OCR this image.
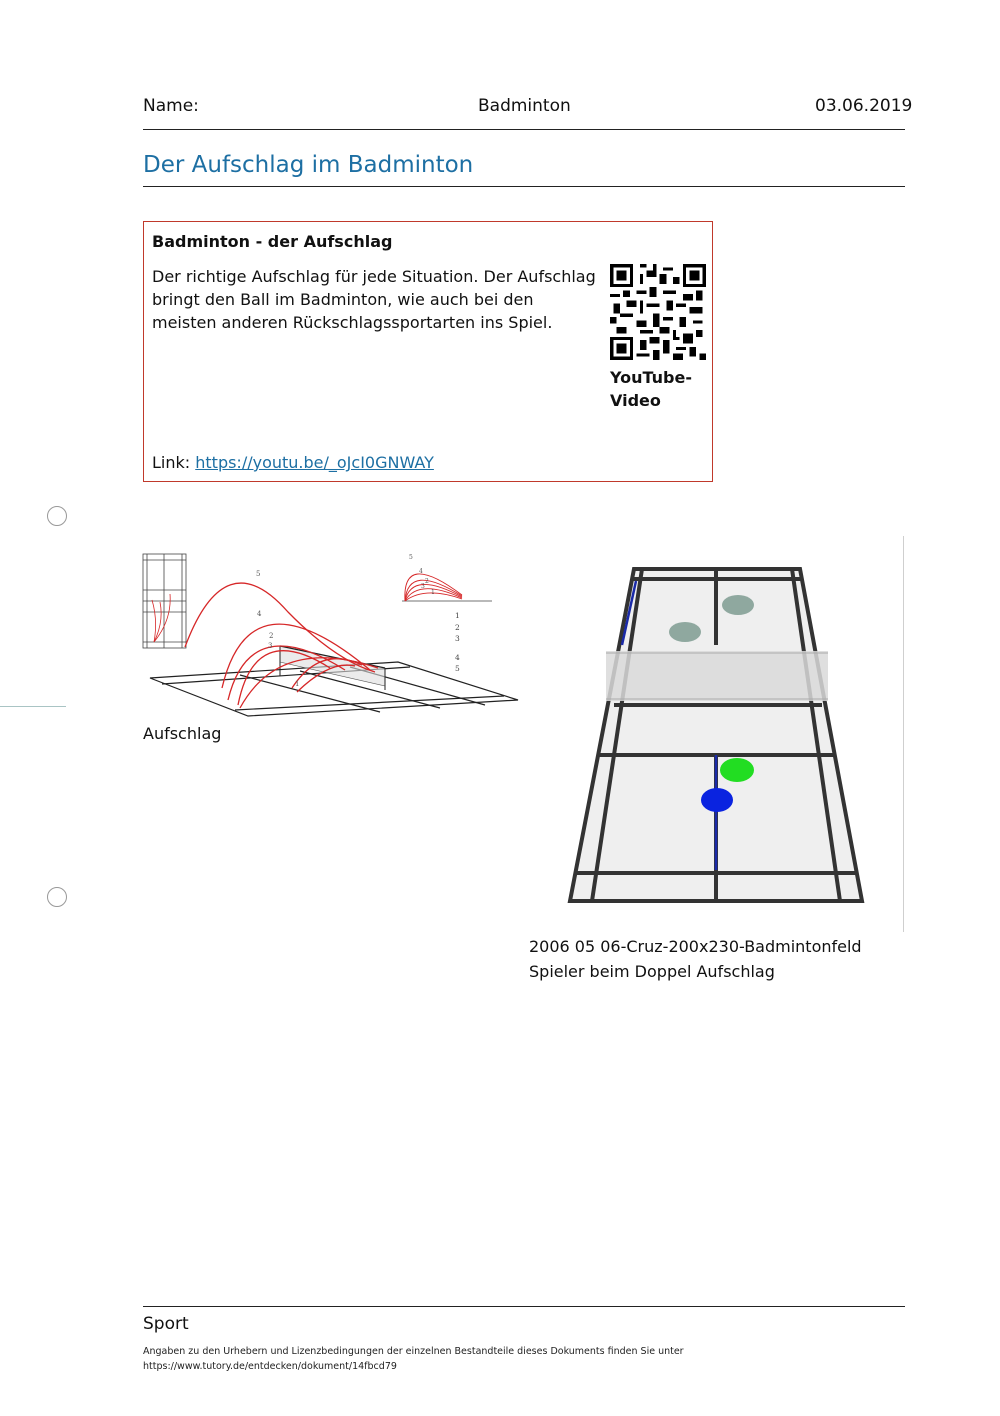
Name:	Badminton	03.06.2019
Der Aufschlag im Badminton
Badminton - der Aufschlag
Der richtige Aufschlag für jede Situation. Der Aufschlag bringt den Ball im Badminton, wie auch bei den meisten anderen Rückschlagssportarten ins Spiel.
YouTube-Video
Link: https://youtu.be/_oJcI0GNWAY
5
4
2
3
1
1
2
3
4
5
5
4
2
3
1
Aufschlag
2006 05 06-Cruz-200x230-Badmintonfeld
Spieler beim Doppel Aufschlag
Sport
Angaben zu den Urhebern und Lizenzbedingungen der einzelnen Bestandteile dieses Dokuments finden Sie unter
https://www.tutory.de/entdecken/dokument/14fbcd79
